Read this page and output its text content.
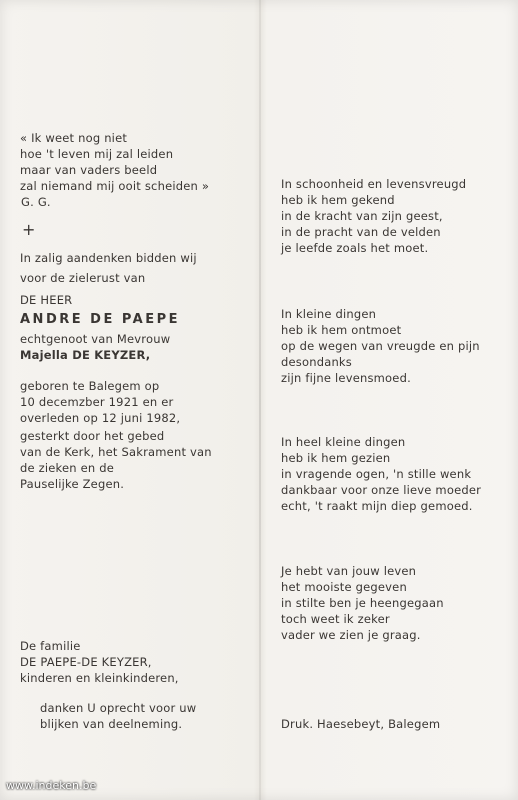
« Ik weet nog niet
hoe 't leven mij zal leiden
maar van vaders beeld
zal niemand mij ooit scheiden »
G. G.
+
In zalig aandenken bidden wij
voor de zielerust van
DE HEER
ANDRE DE PAEPE
echtgenoot van Mevrouw
Majella DE KEYZER,
geboren te Balegem op
10 decemzber 1921 en er
overleden op 12 juni 1982,
gesterkt door het gebed
van de Kerk, het Sakrament van
de zieken en de
Pauselijke Zegen.
De familie
DE PAEPE-DE KEYZER,
kinderen en kleinkinderen,
danken U oprecht voor uw
blijken van deelneming.
In schoonheid en levensvreugd
heb ik hem gekend
in de kracht van zijn geest,
in de pracht van de velden
je leefde zoals het moet.
In kleine dingen
heb ik hem ontmoet
op de wegen van vreugde en pijn
desondanks
zijn fijne levensmoed.
In heel kleine dingen
heb ik hem gezien
in vragende ogen, 'n stille wenk
dankbaar voor onze lieve moeder
echt, 't raakt mijn diep gemoed.
Je hebt van jouw leven
het mooiste gegeven
in stilte ben je heengegaan
toch weet ik zeker
vader we zien je graag.
Druk. Haesebeyt, Balegem
www.indeken.be
